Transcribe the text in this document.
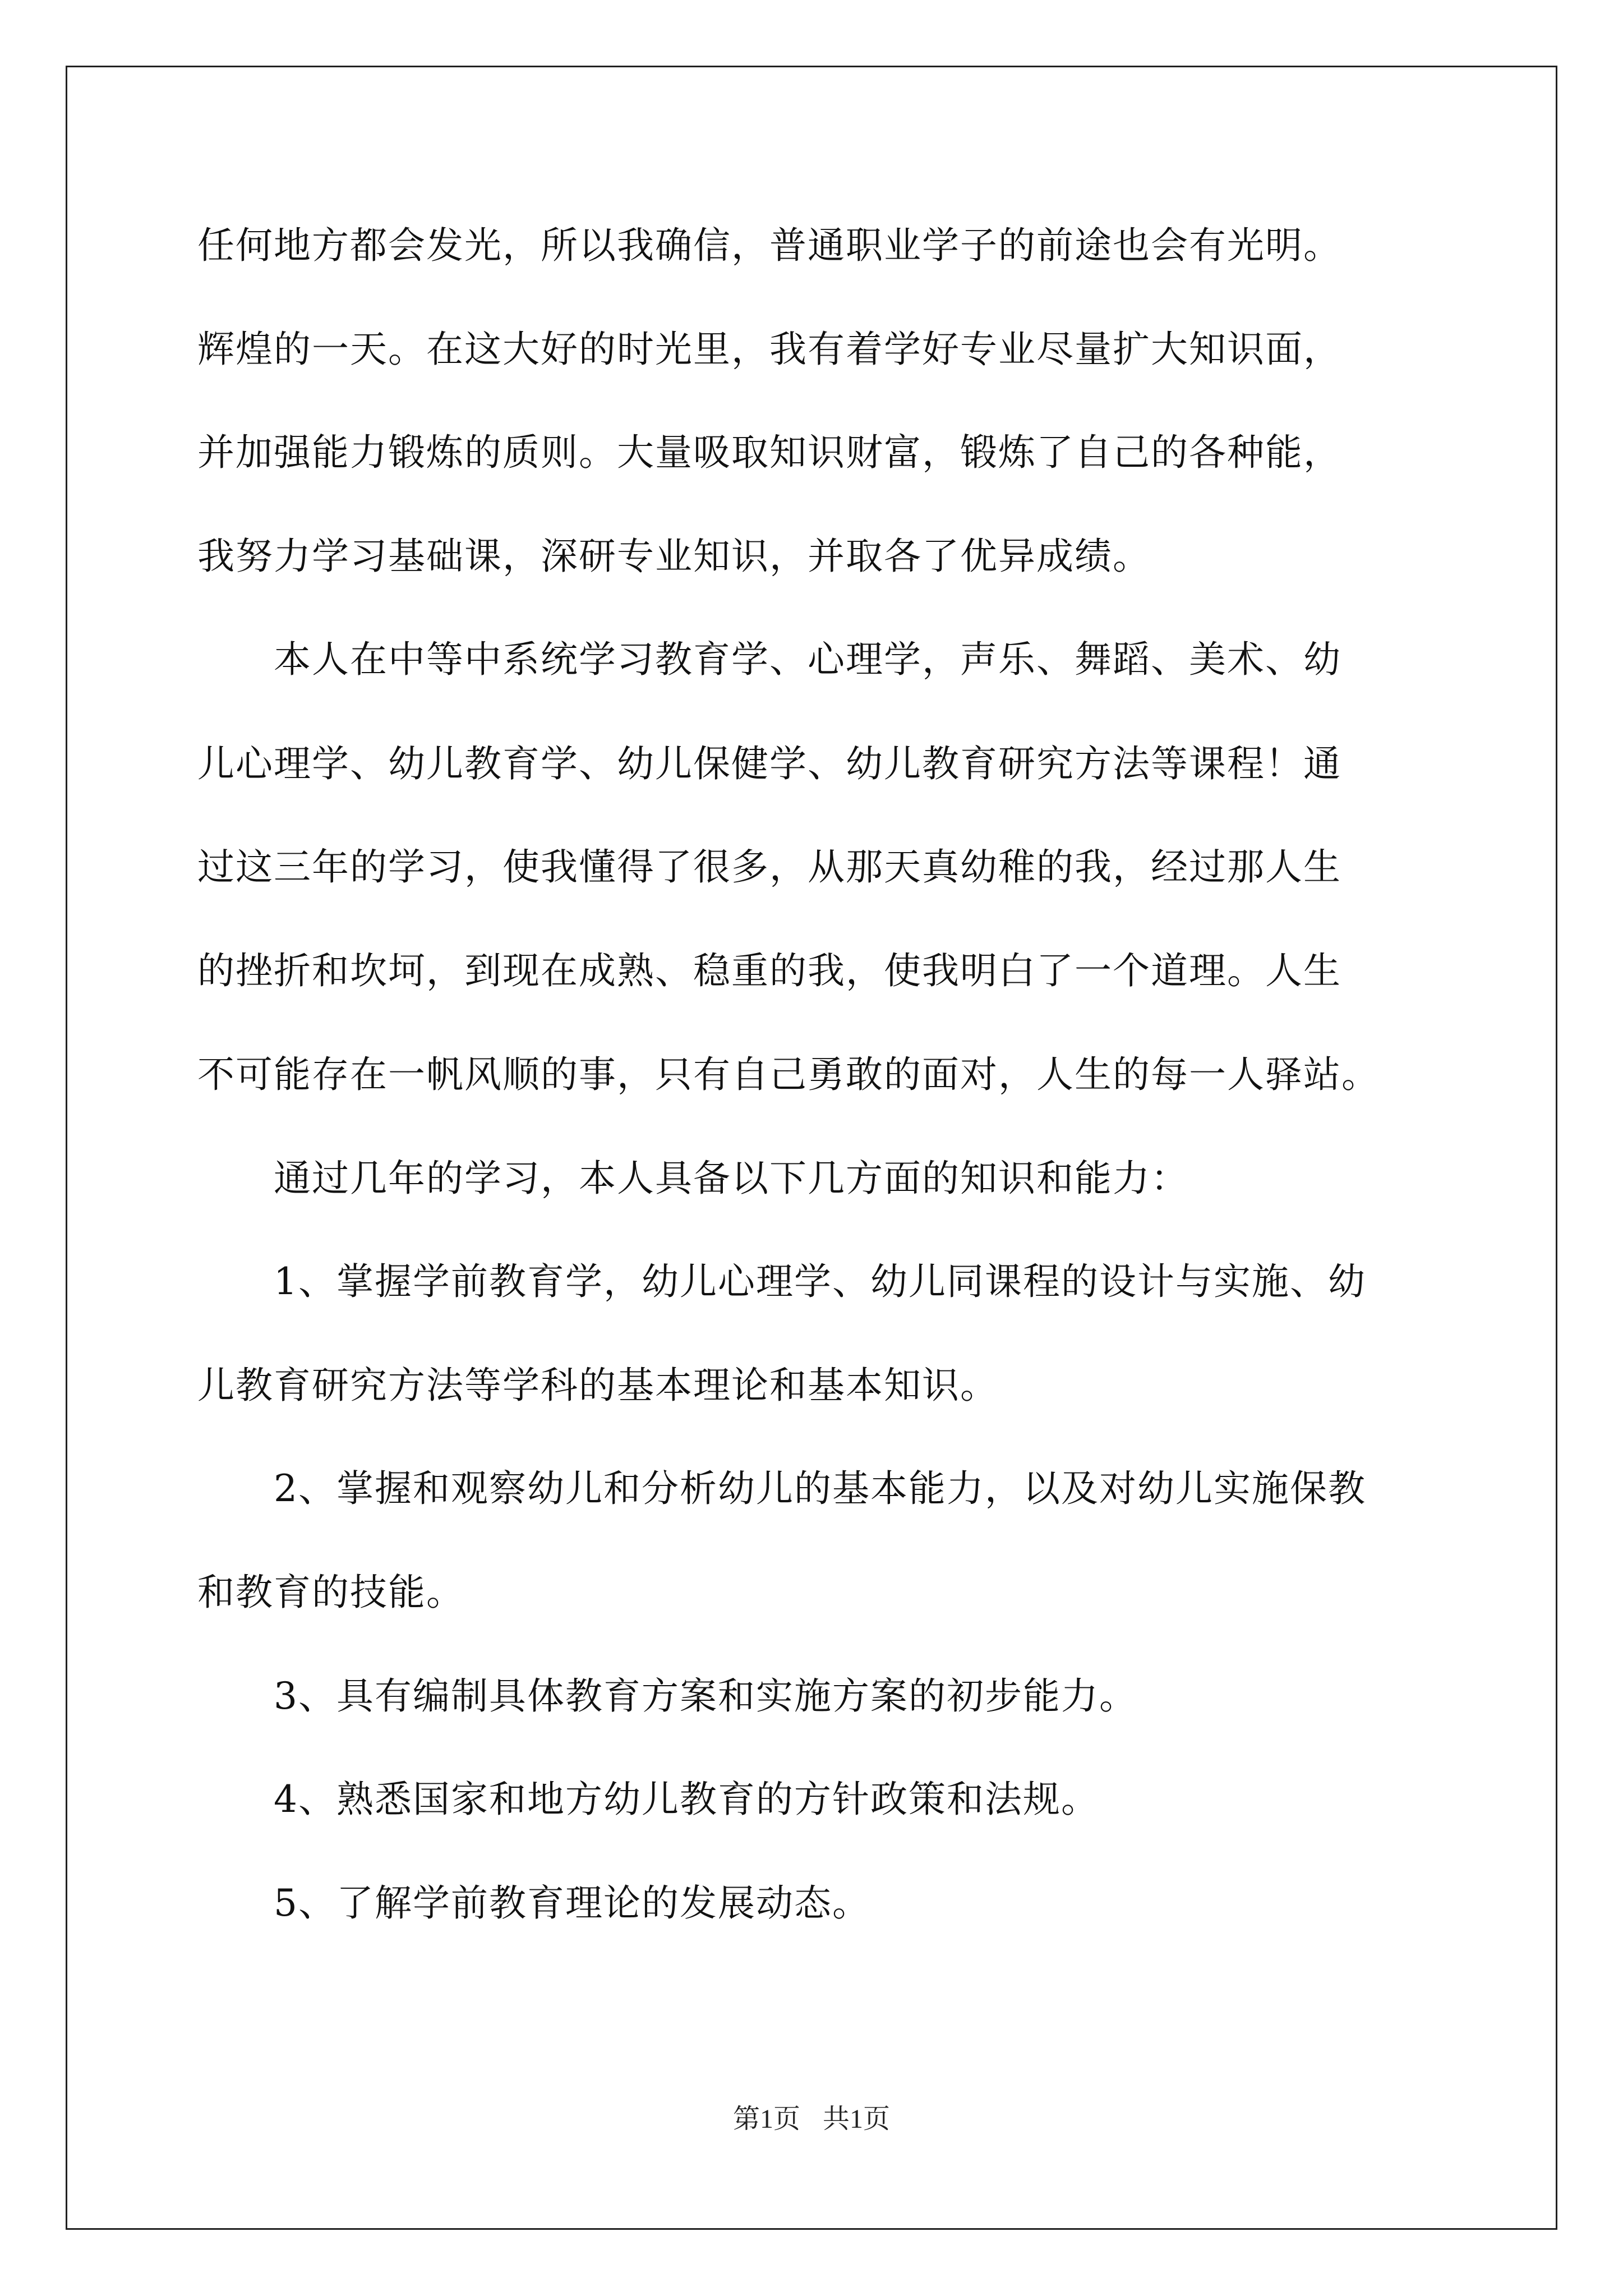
任何地方都会发光，所以我确信，普通职业学子的前途也会有光明。
辉煌的一天。在这大好的时光里，我有着学好专业尽量扩大知识面，
并加强能力锻炼的质则。大量吸取知识财富，锻炼了自己的各种能，
我努力学习基础课，深研专业知识，并取各了优异成绩。
本人在中等中系统学习教育学、心理学，声乐、舞蹈、美术、幼
儿心理学、幼儿教育学、幼儿保健学、幼儿教育研究方法等课程！通
过这三年的学习，使我懂得了很多，从那天真幼稚的我，经过那人生
的挫折和坎坷，到现在成熟、稳重的我，使我明白了一个道理。人生
不可能存在一帆风顺的事，只有自己勇敢的面对，人生的每一人驿站。
通过几年的学习，本人具备以下几方面的知识和能力：
1、掌握学前教育学，幼儿心理学、幼儿同课程的设计与实施、幼
儿教育研究方法等学科的基本理论和基本知识。
2、掌握和观察幼儿和分析幼儿的基本能力，以及对幼儿实施保教
和教育的技能。
3、具有编制具体教育方案和实施方案的初步能力。
4、熟悉国家和地方幼儿教育的方针政策和法规。
5、了解学前教育理论的发展动态。
第1页 共1页
